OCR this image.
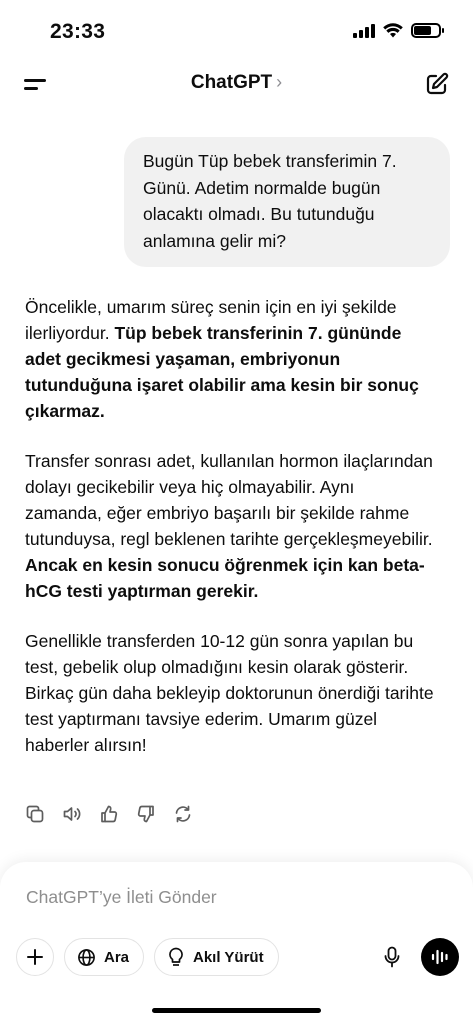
23:33
ChatGPT ›
Bugün Tüp bebek transferimin 7. Günü. Adetim normalde bugün olacaktı olmadı. Bu tutunduğu anlamına gelir mi?

Öncelikle, umarım süreç senin için en iyi şekilde ilerliyordur. Tüp bebek transferinin 7. gününde adet gecikmesi yaşaman, embriyonun tutunduğuna işaret olabilir ama kesin bir sonuç çıkarmaz.

Transfer sonrası adet, kullanılan hormon ilaçlarından dolayı gecikebilir veya hiç olmayabilir. Aynı zamanda, eğer embriyo başarılı bir şekilde rahme tutunduysa, regl beklenen tarihte gerçekleşmeyebilir. Ancak en kesin sonucu öğrenmek için kan beta-hCG testi yaptırman gerekir.

Genellikle transferden 10-12 gün sonra yapılan bu test, gebelik olup olmadığını kesin olarak gösterir. Birkaç gün daha bekleyip doktorunun önerdiği tarihte test yaptırmanı tavsiye ederim. Umarım güzel haberler alırsın!

ChatGPT’ye İleti Gönder
Ara	Akıl Yürüt
